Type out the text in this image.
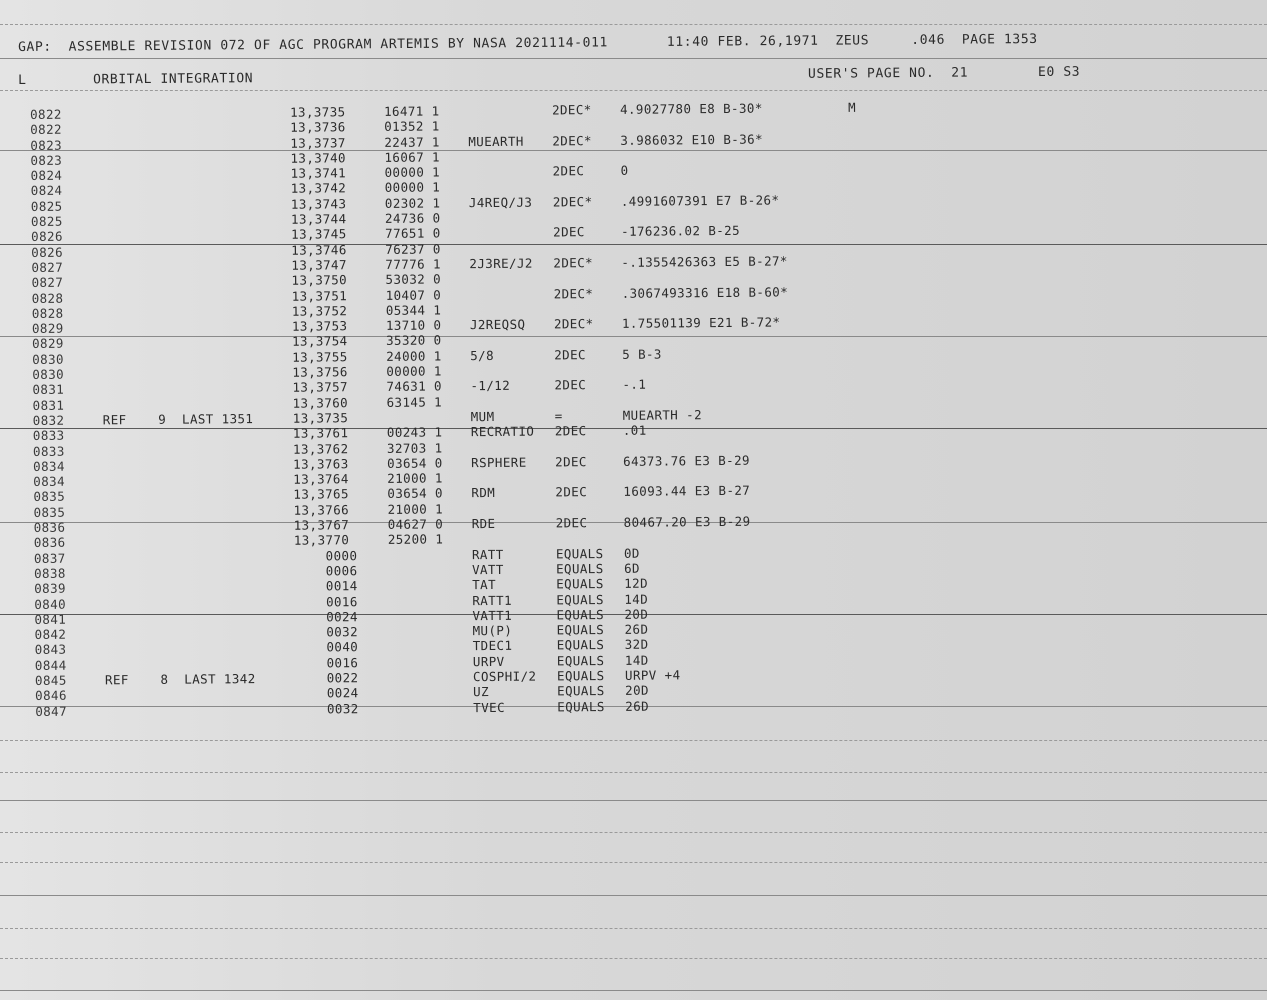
GAP:  ASSEMBLE REVISION 072 OF AGC PROGRAM ARTEMIS BY NASA 2021114-011       11:40 FEB. 26,1971  ZEUS     .046  PAGE 1353
L	ORBITAL INTEGRATION	USER'S PAGE NO.  21	E0 S3
0822	13,3735	16471 1	2DEC* 4.9027780 E8 B-30*	M
0822	13,3736	01352 1
0823	13,3737	22437 1 MUEARTH 2DEC* 3.986032 E10 B-36*
0823	13,3740	16067 1
0824	13,3741	00000 1	2DEC	0
0824	13,3742	00000 1
0825	13,3743	02302 1 J4REQ/J3 2DEC* .4991607391 E7 B-26*
0825	13,3744	24736 0
0826	13,3745	77651 0	2DEC	-176236.02 B-25
0826	13,3746	76237 0
0827	13,3747	77776 1 2J3RE/J2 2DEC* -.1355426363 E5 B-27*
0827	13,3750	53032 0
0828	13,3751	10407 0	2DEC* .3067493316 E18 B-60*
0828	13,3752	05344 1
0829	13,3753	13710 0 J2REQSQ 2DEC* 1.75501139 E21 B-72*
0829	13,3754	35320 0
0830	13,3755	24000 1 5/8	2DEC	5 B-3
0830	13,3756	00000 1
0831	13,3757	74631 0 -1/12	2DEC	-.1
0831	13,3760	63145 1
0832	REF    9  LAST 1351	13,3735	MUM	=	MUEARTH -2
0833	13,3761	00243 1 RECRATIO 2DEC	.01
0833	13,3762	32703 1
0834	13,3763	03654 0 RSPHERE 2DEC	64373.76 E3 B-29
0834	13,3764	21000 1
0835	13,3765	03654 0 RDM	2DEC	16093.44 E3 B-27
0835	13,3766	21000 1
0836	13,3767	04627 0 RDE	2DEC	80467.20 E3 B-29
0836	13,3770	25200 1
0837	0000	RATT	EQUALS 0D
0838	0006	VATT	EQUALS 6D
0839	0014	TAT	EQUALS 12D
0840	0016	RATT1	EQUALS 14D
0841	0024	VATT1	EQUALS 20D
0842	0032	MU(P)	EQUALS 26D
0843	0040	TDEC1	EQUALS 32D
0844	0016	URPV	EQUALS 14D
0845	REF    8  LAST 1342	0022	COSPHI/2 EQUALS URPV +4
0846	0024	UZ	EQUALS 20D
0847	0032	TVEC	EQUALS 26D
